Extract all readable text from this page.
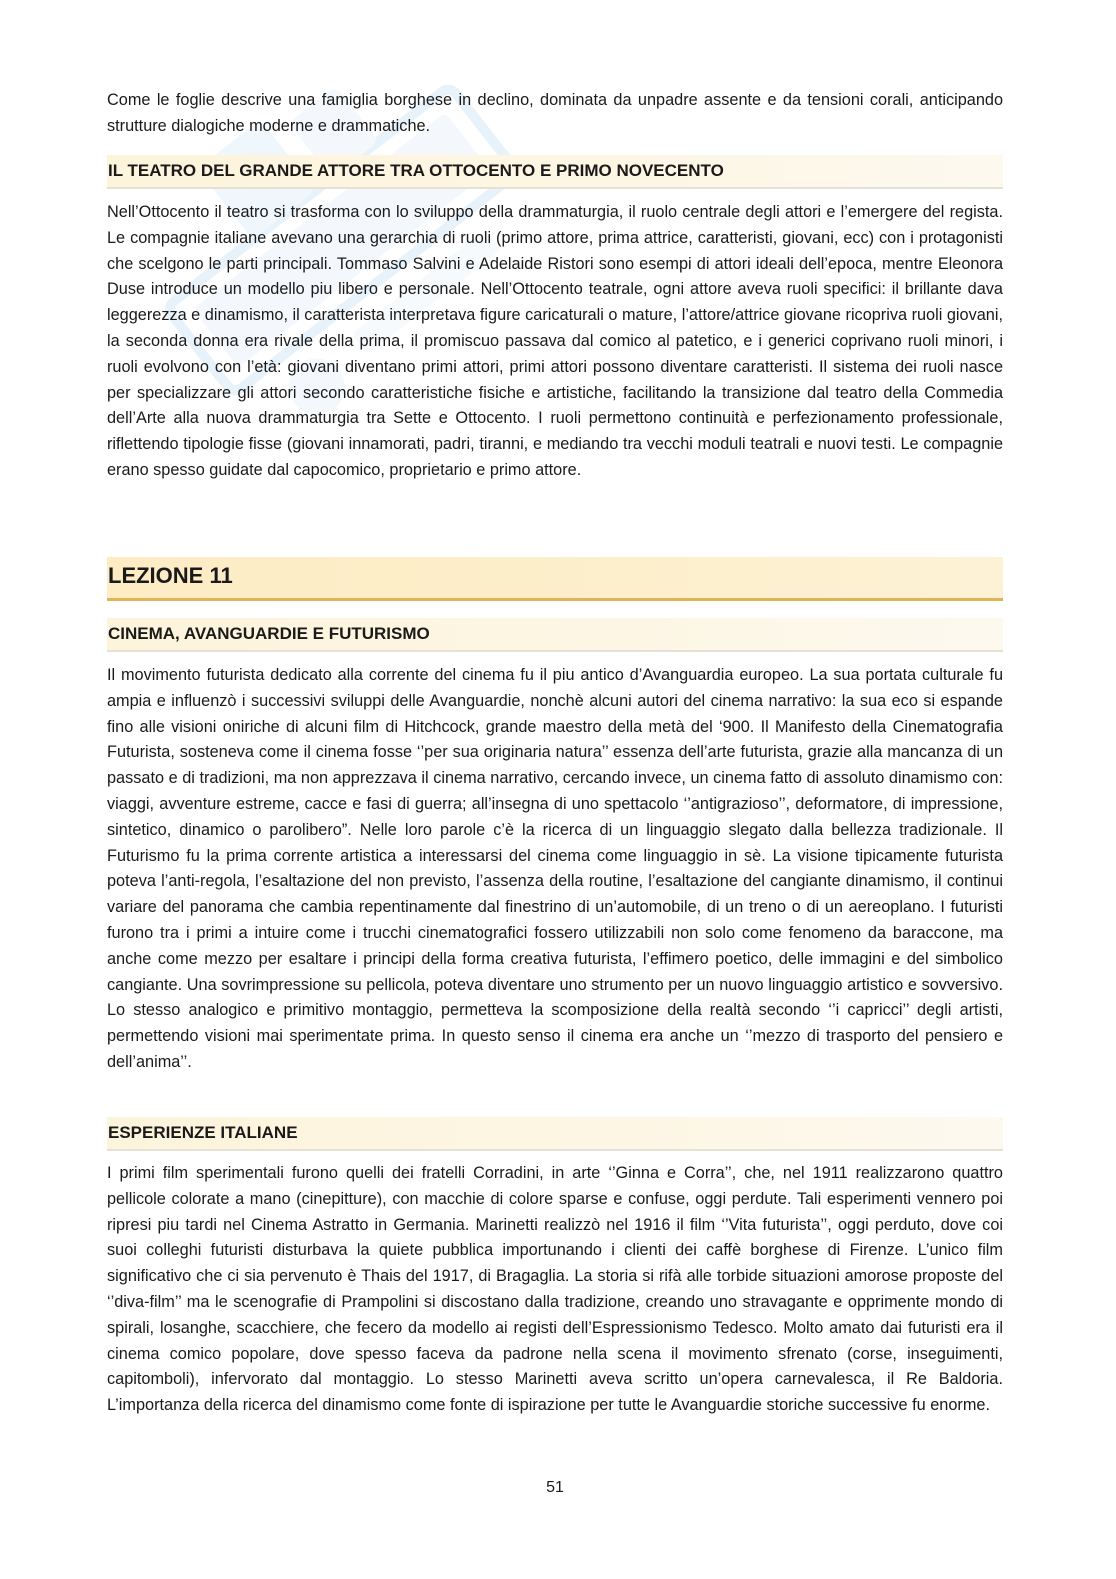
Come le foglie descrive una famiglia borghese in declino, dominata da unpadre assente e da tensioni corali, anticipando strutture dialogiche moderne e drammatiche.

IL TEATRO DEL GRANDE ATTORE TRA OTTOCENTO E PRIMO NOVECENTO

Nell’Ottocento il teatro si trasforma con lo sviluppo della drammaturgia, il ruolo centrale degli attori e l’emergere del regista. Le compagnie italiane avevano una gerarchia di ruoli (primo attore, prima attrice, caratteristi, giovani, ecc) con i protagonisti che scelgono le parti principali. Tommaso Salvini e Adelaide Ristori sono esempi di attori ideali dell’epoca, mentre Eleonora Duse introduce un modello piu libero e personale. Nell’Ottocento teatrale, ogni attore aveva ruoli specifici: il brillante dava leggerezza e dinamismo, il caratterista interpretava figure caricaturali o mature, l’attore/attrice giovane ricopriva ruoli giovani, la seconda donna era rivale della prima, il promiscuo passava dal comico al patetico, e i generici coprivano ruoli minori, i ruoli evolvono con l’età: giovani diventano primi attori, primi attori possono diventare caratteristi. Il sistema dei ruoli nasce per specializzare gli attori secondo caratteristiche fisiche e artistiche, facilitando la transizione dal teatro della Commedia dell’Arte alla nuova drammaturgia tra Sette e Ottocento. I ruoli permettono continuità e perfezionamento professionale, riflettendo tipologie fisse (giovani innamorati, padri, tiranni, e mediando tra vecchi moduli teatrali e nuovi testi. Le compagnie erano spesso guidate dal capocomico, proprietario e primo attore.

LEZIONE 11
CINEMA, AVANGUARDIE E FUTURISMO

Il movimento futurista dedicato alla corrente del cinema fu il piu antico d’Avanguardia europeo. La sua portata culturale fu ampia e influenzò i successivi sviluppi delle Avanguardie, nonchè alcuni autori del cinema narrativo: la sua eco si espande fino alle visioni oniriche di alcuni film di Hitchcock, grande maestro della metà del ‘900. Il Manifesto della Cinematografia Futurista, sosteneva come il cinema fosse ‘’per sua originaria natura’’ essenza dell’arte futurista, grazie alla mancanza di un passato e di tradizioni, ma non apprezzava il cinema narrativo, cercando invece, un cinema fatto di assoluto dinamismo con: viaggi, avventure estreme, cacce e fasi di guerra; all’insegna di uno spettacolo ‘’antigrazioso’’, deformatore, di impressione, sintetico, dinamico o parolibero”. Nelle loro parole c’è la ricerca di un linguaggio slegato dalla bellezza tradizionale. Il Futurismo fu la prima corrente artistica a interessarsi del cinema come linguaggio in sè. La visione tipicamente futurista poteva l’anti-regola, l’esaltazione del non previsto, l’assenza della routine, l’esaltazione del cangiante dinamismo, il continui variare del panorama che cambia repentinamente dal finestrino di un’automobile, di un treno o di un aereoplano. I futuristi furono tra i primi a intuire come i trucchi cinematografici fossero utilizzabili non solo come fenomeno da baraccone, ma anche come mezzo per esaltare i principi della forma creativa futurista, l’effimero poetico, delle immagini e del simbolico cangiante. Una sovrimpressione su pellicola, poteva diventare uno strumento per un nuovo linguaggio artistico e sovversivo. Lo stesso analogico e primitivo montaggio, permetteva la scomposizione della realtà secondo ‘’i capricci’’ degli artisti, permettendo visioni mai sperimentate prima. In questo senso il cinema era anche un ‘’mezzo di trasporto del pensiero e dell’anima’’.

ESPERIENZE ITALIANE

I primi film sperimentali furono quelli dei fratelli Corradini, in arte ‘’Ginna e Corra’’, che, nel 1911 realizzarono quattro pellicole colorate a mano (cinepitture), con macchie di colore sparse e confuse, oggi perdute. Tali esperimenti vennero poi ripresi piu tardi nel Cinema Astratto in Germania. Marinetti realizzò nel 1916 il film ‘’Vita futurista’’, oggi perduto, dove coi suoi colleghi futuristi disturbava la quiete pubblica importunando i clienti dei caffè borghese di Firenze. L’unico film significativo che ci sia pervenuto è Thais del 1917, di Bragaglia. La storia si rifà alle torbide situazioni amorose proposte del ‘’diva-film’’ ma le scenografie di Prampolini si discostano dalla tradizione, creando uno stravagante e opprimente mondo di spirali, losanghe, scacchiere, che fecero da modello ai registi dell’Espressionismo Tedesco. Molto amato dai futuristi era il cinema comico popolare, dove spesso faceva da padrone nella scena il movimento sfrenato (corse, inseguimenti, capitomboli), infervorato dal montaggio. Lo stesso Marinetti aveva scritto un’opera carnevalesca, il Re Baldoria. L’importanza della ricerca del dinamismo come fonte di ispirazione per tutte le Avanguardie storiche successive fu enorme.

51
